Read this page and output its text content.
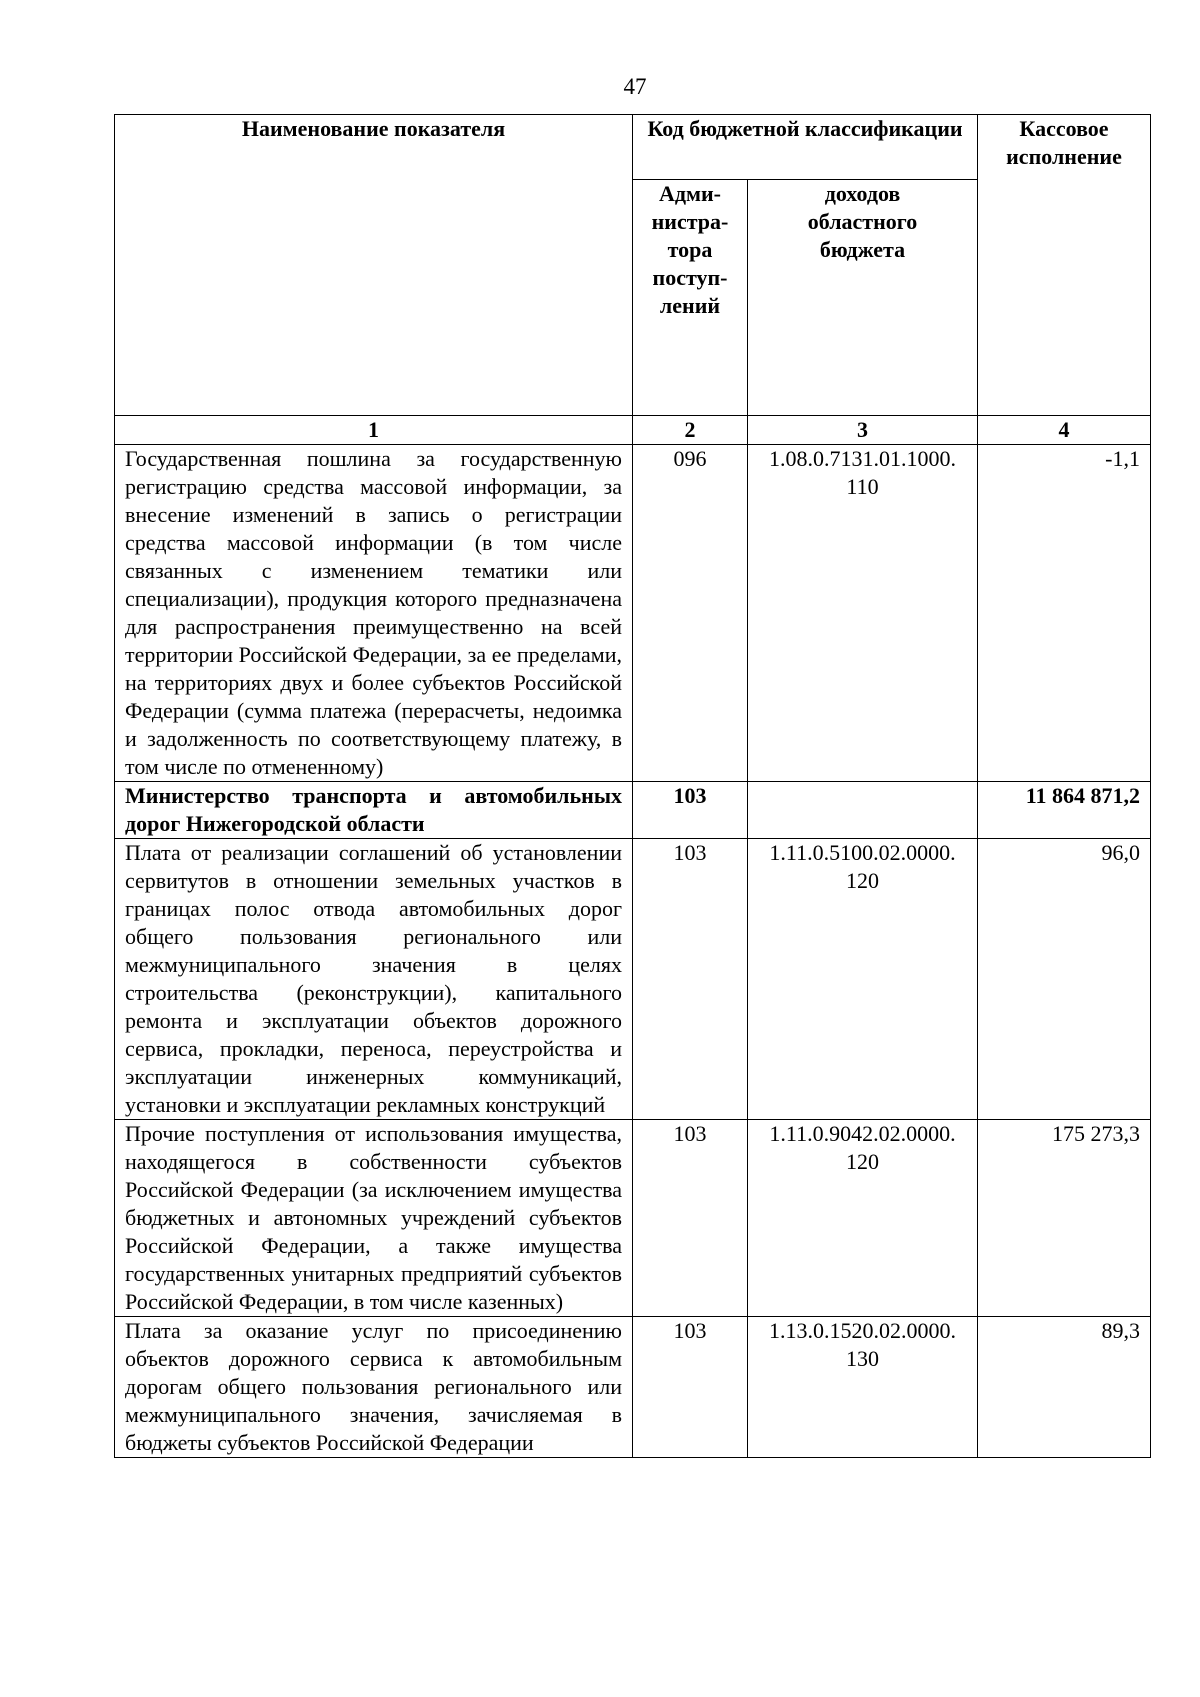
47
Наименование показателя	Код бюджетной классификации		Кассовое
исполнение

	Адми-
нистра-
тора
поступ-
лений	доходов
областного
бюджета	

1	2	3	4
Государственная пошлина за государственную регистрацию средства массовой информации, за внесение изменений в запись о регистрации средства массовой информации (в том числе связанных с изменением тематики или специализации), продукция которого предназначена для распространения преимущественно на всей территории Российской Федерации, за ее пределами, на территориях двух и более субъектов Российской Федерации (сумма платежа (перерасчеты, недоимка и задолженность по соответствующему платежу, в том числе по отмененному)	096	1.08.0.7131.01.1000.
110	-1,1
Министерство транспорта и автомобильных дорог Нижегородской области	103		11 864 871,2
Плата от реализации соглашений об установлении сервитутов в отношении земельных участков в границах полос отвода автомобильных дорог общего пользования регионального или межмуниципального значения в целях строительства (реконструкции), капитального ремонта и эксплуатации объектов дорожного сервиса, прокладки, переноса, переустройства и эксплуатации инженерных коммуникаций, установки и эксплуатации рекламных конструкций	103	1.11.0.5100.02.0000.
120	96,0
Прочие поступления от использования имущества, находящегося в собственности субъектов Российской Федерации (за исключением имущества бюджетных и автономных учреждений субъектов Российской Федерации, а также имущества государственных унитарных предприятий субъектов Российской Федерации, в том числе казенных)	103	1.11.0.9042.02.0000.
120	175 273,3
Плата за оказание услуг по присоединению объектов дорожного сервиса к автомобильным дорогам общего пользования регионального или межмуниципального значения, зачисляемая в бюджеты субъектов Российской Федерации	103	1.13.0.1520.02.0000.
130	89,3
